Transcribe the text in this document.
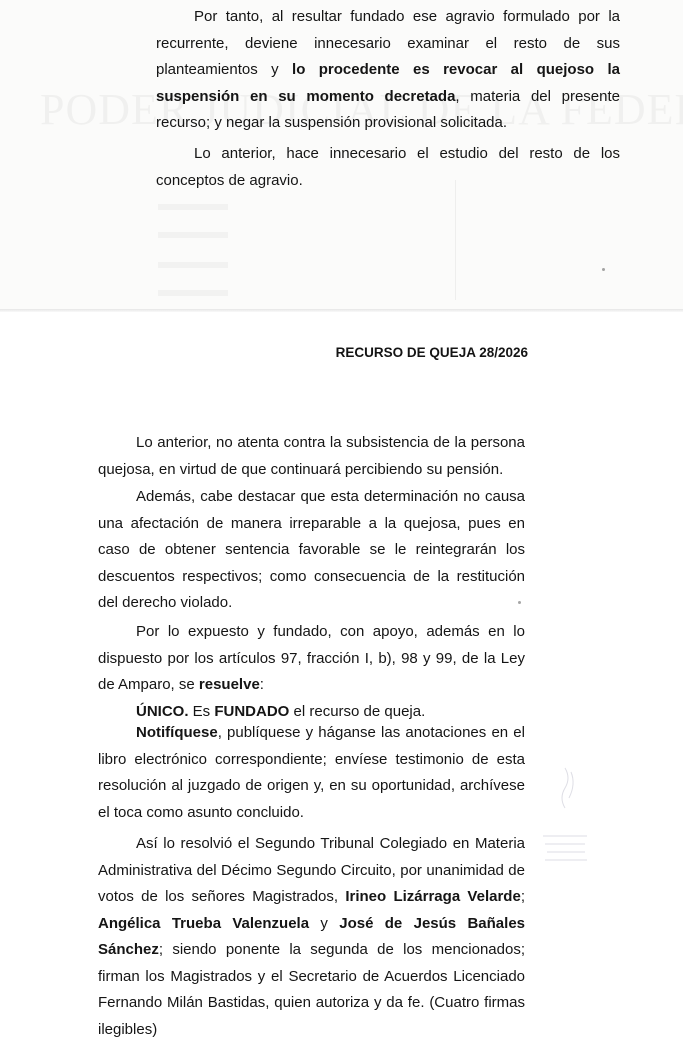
Por tanto, al resultar fundado ese agravio formulado por la recurrente, deviene innecesario examinar el resto de sus planteamientos y lo procedente es revocar al quejoso la suspensión en su momento decretada, materia del presente recurso; y negar la suspensión provisional solicitada.

Lo anterior, hace innecesario el estudio del resto de los conceptos de agravio.

RECURSO DE QUEJA 28/2026

Lo anterior, no atenta contra la subsistencia de la persona quejosa, en virtud de que continuará percibiendo su pensión.

Además, cabe destacar que esta determinación no causa una afectación de manera irreparable a la quejosa, pues en caso de obtener sentencia favorable se le reintegrarán los descuentos respectivos; como consecuencia de la restitución del derecho violado.

Por lo expuesto y fundado, con apoyo, además en lo dispuesto por los artículos 97, fracción I, b), 98 y 99, de la Ley de Amparo, se resuelve:

ÚNICO. Es FUNDADO el recurso de queja.

Notifíquese, publíquese y háganse las anotaciones en el libro electrónico correspondiente; envíese testimonio de esta resolución al juzgado de origen y, en su oportunidad, archívese el toca como asunto concluido.

Así lo resolvió el Segundo Tribunal Colegiado en Materia Administrativa del Décimo Segundo Circuito, por unanimidad de votos de los señores Magistrados, Irineo Lizárraga Velarde; Angélica Trueba Valenzuela y José de Jesús Bañales Sánchez; siendo ponente la segunda de los mencionados; firman los Magistrados y el Secretario de Acuerdos Licenciado Fernando Milán Bastidas, quien autoriza y da fe. (Cuatro firmas ilegibles)
